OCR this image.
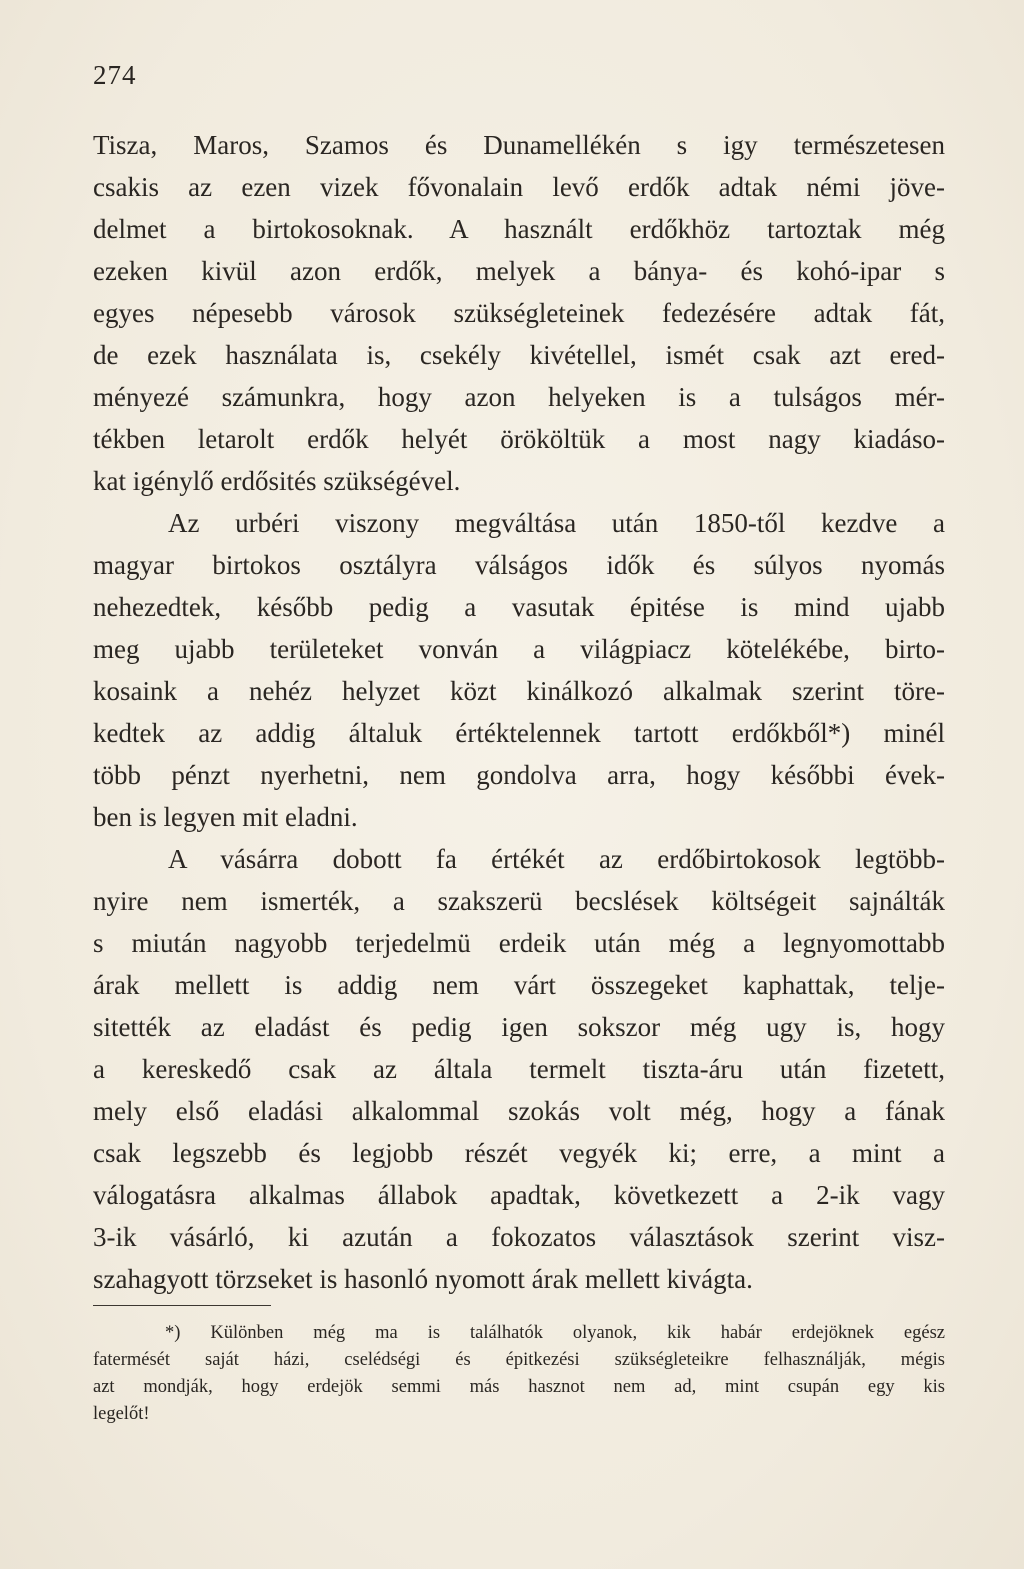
274
Tisza, Maros, Szamos és Dunamellékén s igy természetesen
csakis az ezen vizek fővonalain levő erdők adtak némi jöve-
delmet a birtokosoknak. A használt erdőkhöz tartoztak még
ezeken kivül azon erdők, melyek a bánya- és kohó-ipar s
egyes népesebb városok szükségleteinek fedezésére adtak fát,
de ezek használata is, csekély kivétellel, ismét csak azt ered-
ményezé számunkra, hogy azon helyeken is a tulságos mér-
tékben letarolt erdők helyét örököltük a most nagy kiadáso-
kat igénylő erdősités szükségével.
Az urbéri viszony megváltása után 1850-től kezdve a
magyar birtokos osztályra válságos idők és súlyos nyomás
nehezedtek, később pedig a vasutak épitése is mind ujabb
meg ujabb területeket vonván a világpiacz kötelékébe, birto-
kosaink a nehéz helyzet közt kinálkozó alkalmak szerint töre-
kedtek az addig általuk értéktelennek tartott erdőkből*) minél
több pénzt nyerhetni, nem gondolva arra, hogy későbbi évek-
ben is legyen mit eladni.
A vásárra dobott fa értékét az erdőbirtokosok legtöbb-
nyire nem ismerték, a szakszerü becslések költségeit sajnálták
s miután nagyobb terjedelmü erdeik után még a legnyomottabb
árak mellett is addig nem várt összegeket kaphattak, telje-
sitették az eladást és pedig igen sokszor még ugy is, hogy
a kereskedő csak az általa termelt tiszta-áru után fizetett,
mely első eladási alkalommal szokás volt még, hogy a fának
csak legszebb és legjobb részét vegyék ki; erre, a mint a
válogatásra alkalmas állabok apadtak, következett a 2-ik vagy
3-ik vásárló, ki azután a fokozatos választások szerint visz-
szahagyott törzseket is hasonló nyomott árak mellett kivágta.
*) Különben még ma is találhatók olyanok, kik habár erdejöknek egész
fatermését saját házi, cselédségi és épitkezési szükségleteikre felhasználják, mégis
azt mondják, hogy erdejök semmi más hasznot nem ad, mint csupán egy kis
legelőt!
